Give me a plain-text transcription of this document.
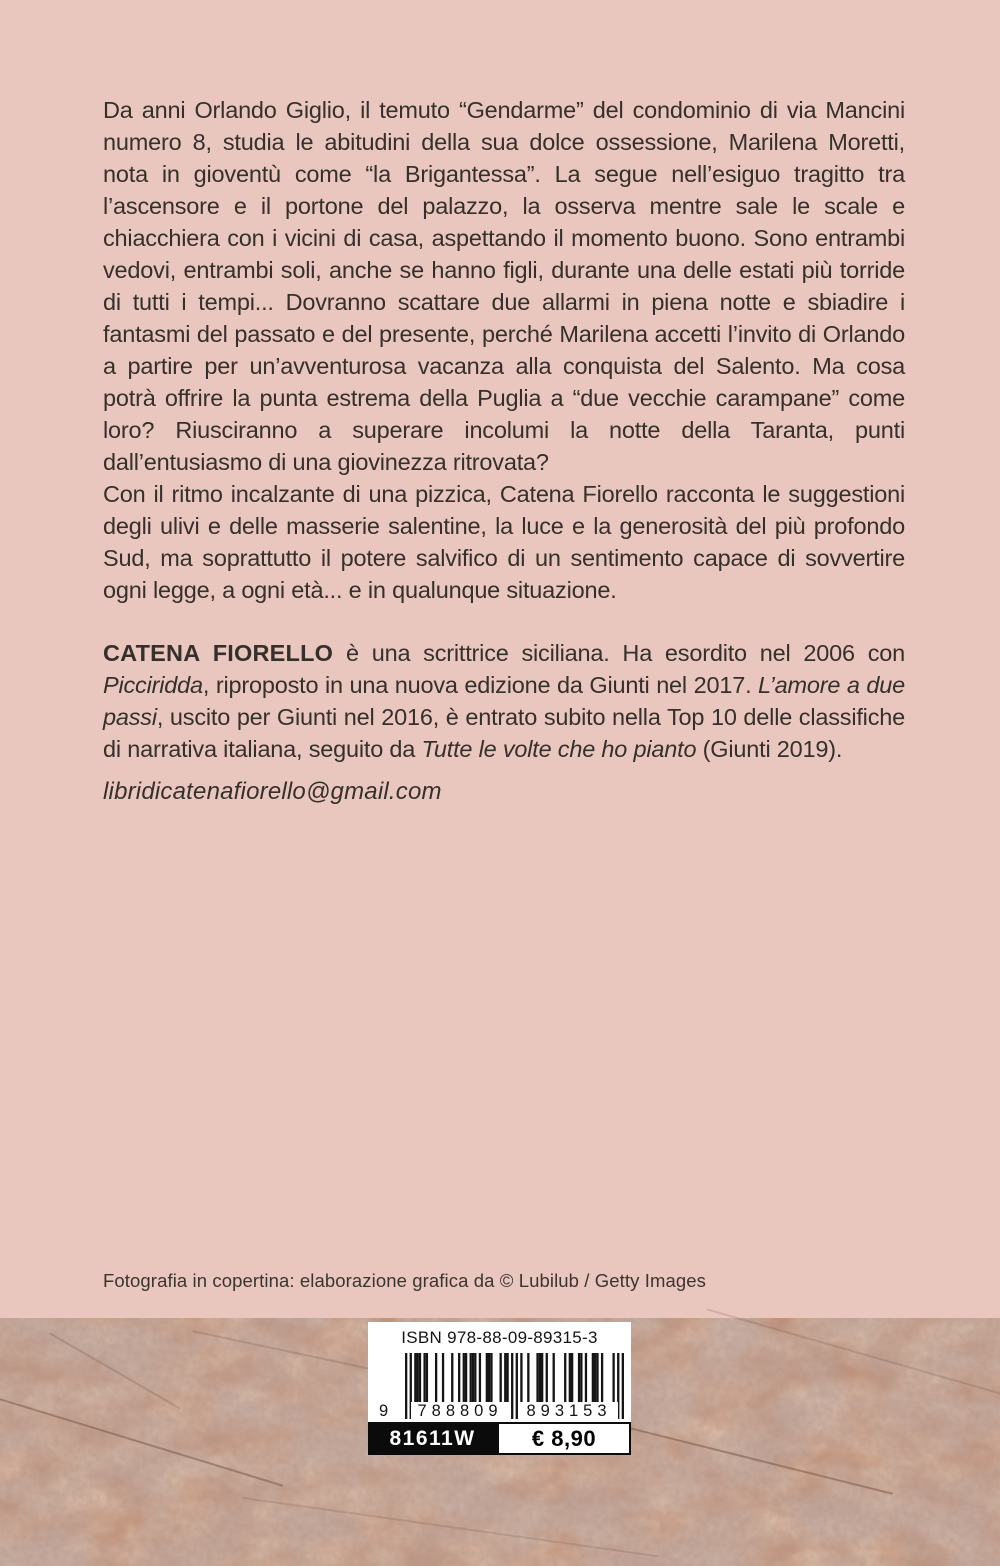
Da anni Orlando Giglio, il temuto “Gendarme” del condominio di via Mancini numero 8, studia le abitudini della sua dolce ossessione, Marilena Moretti, nota in gioventù come “la Brigantessa”. La segue nell’esiguo tragitto tra l’ascensore e il portone del palazzo, la osserva mentre sale le scale e chiacchiera con i vicini di casa, aspettando il momento buono. Sono entrambi vedovi, entrambi soli, anche se hanno figli, durante una delle estati più torride di tutti i tempi... Dovranno scattare due allarmi in piena notte e sbiadire i fantasmi del passato e del presente, perché Marilena accetti l’invito di Orlando a partire per un’avventurosa vacanza alla conquista del Salento. Ma cosa potrà offrire la punta estrema della Puglia a “due vecchie carampane” come loro? Riusciranno a superare incolumi la notte della Taranta, punti dall’entusiasmo di una giovinezza ritrovata?

Con il ritmo incalzante di una pizzica, Catena Fiorello racconta le suggestioni degli ulivi e delle masserie salentine, la luce e la generosità del più profondo Sud, ma soprattutto il potere salvifico di un sentimento capace di sovvertire ogni legge, a ogni età... e in qualunque situazione.

CATENA FIORELLO è una scrittrice siciliana. Ha esordito nel 2006 con Picciridda, riproposto in una nuova edizione da Giunti nel 2017. L’amore a due passi, uscito per Giunti nel 2016, è entrato subito nella Top 10 delle classifiche di narrativa italiana, seguito da Tutte le volte che ho pianto (Giunti 2019).

libridicatenafiorello@gmail.com

Fotografia in copertina: elaborazione grafica da © Lubilub / Getty Images

ISBN 978-88-09-89315-3
9	788809	893153
81611W	€ 8,90
